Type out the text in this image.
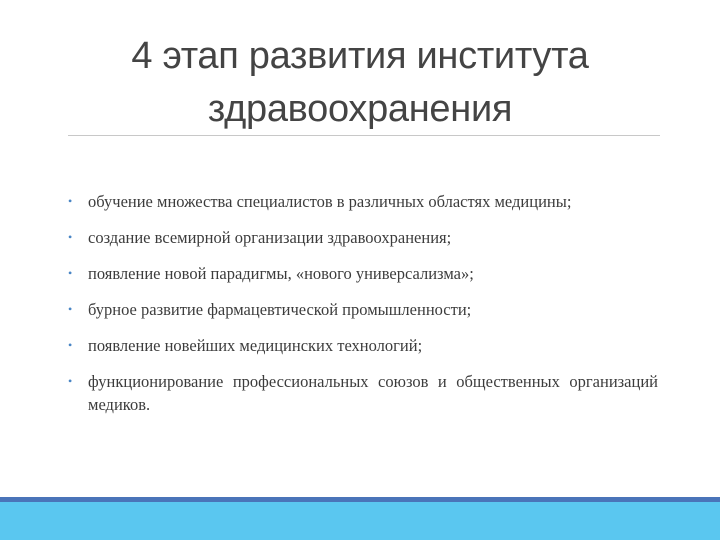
4 этап развития института здравоохранения
• обучение множества специалистов в различных областях медицины;
• создание всемирной организации здравоохранения;
• появление новой парадигмы, «нового универсализма»;
• бурное развитие фармацевтической промышленности;
• появление новейших медицинских технологий;
• функционирование профессиональных союзов и общественных организаций медиков.
